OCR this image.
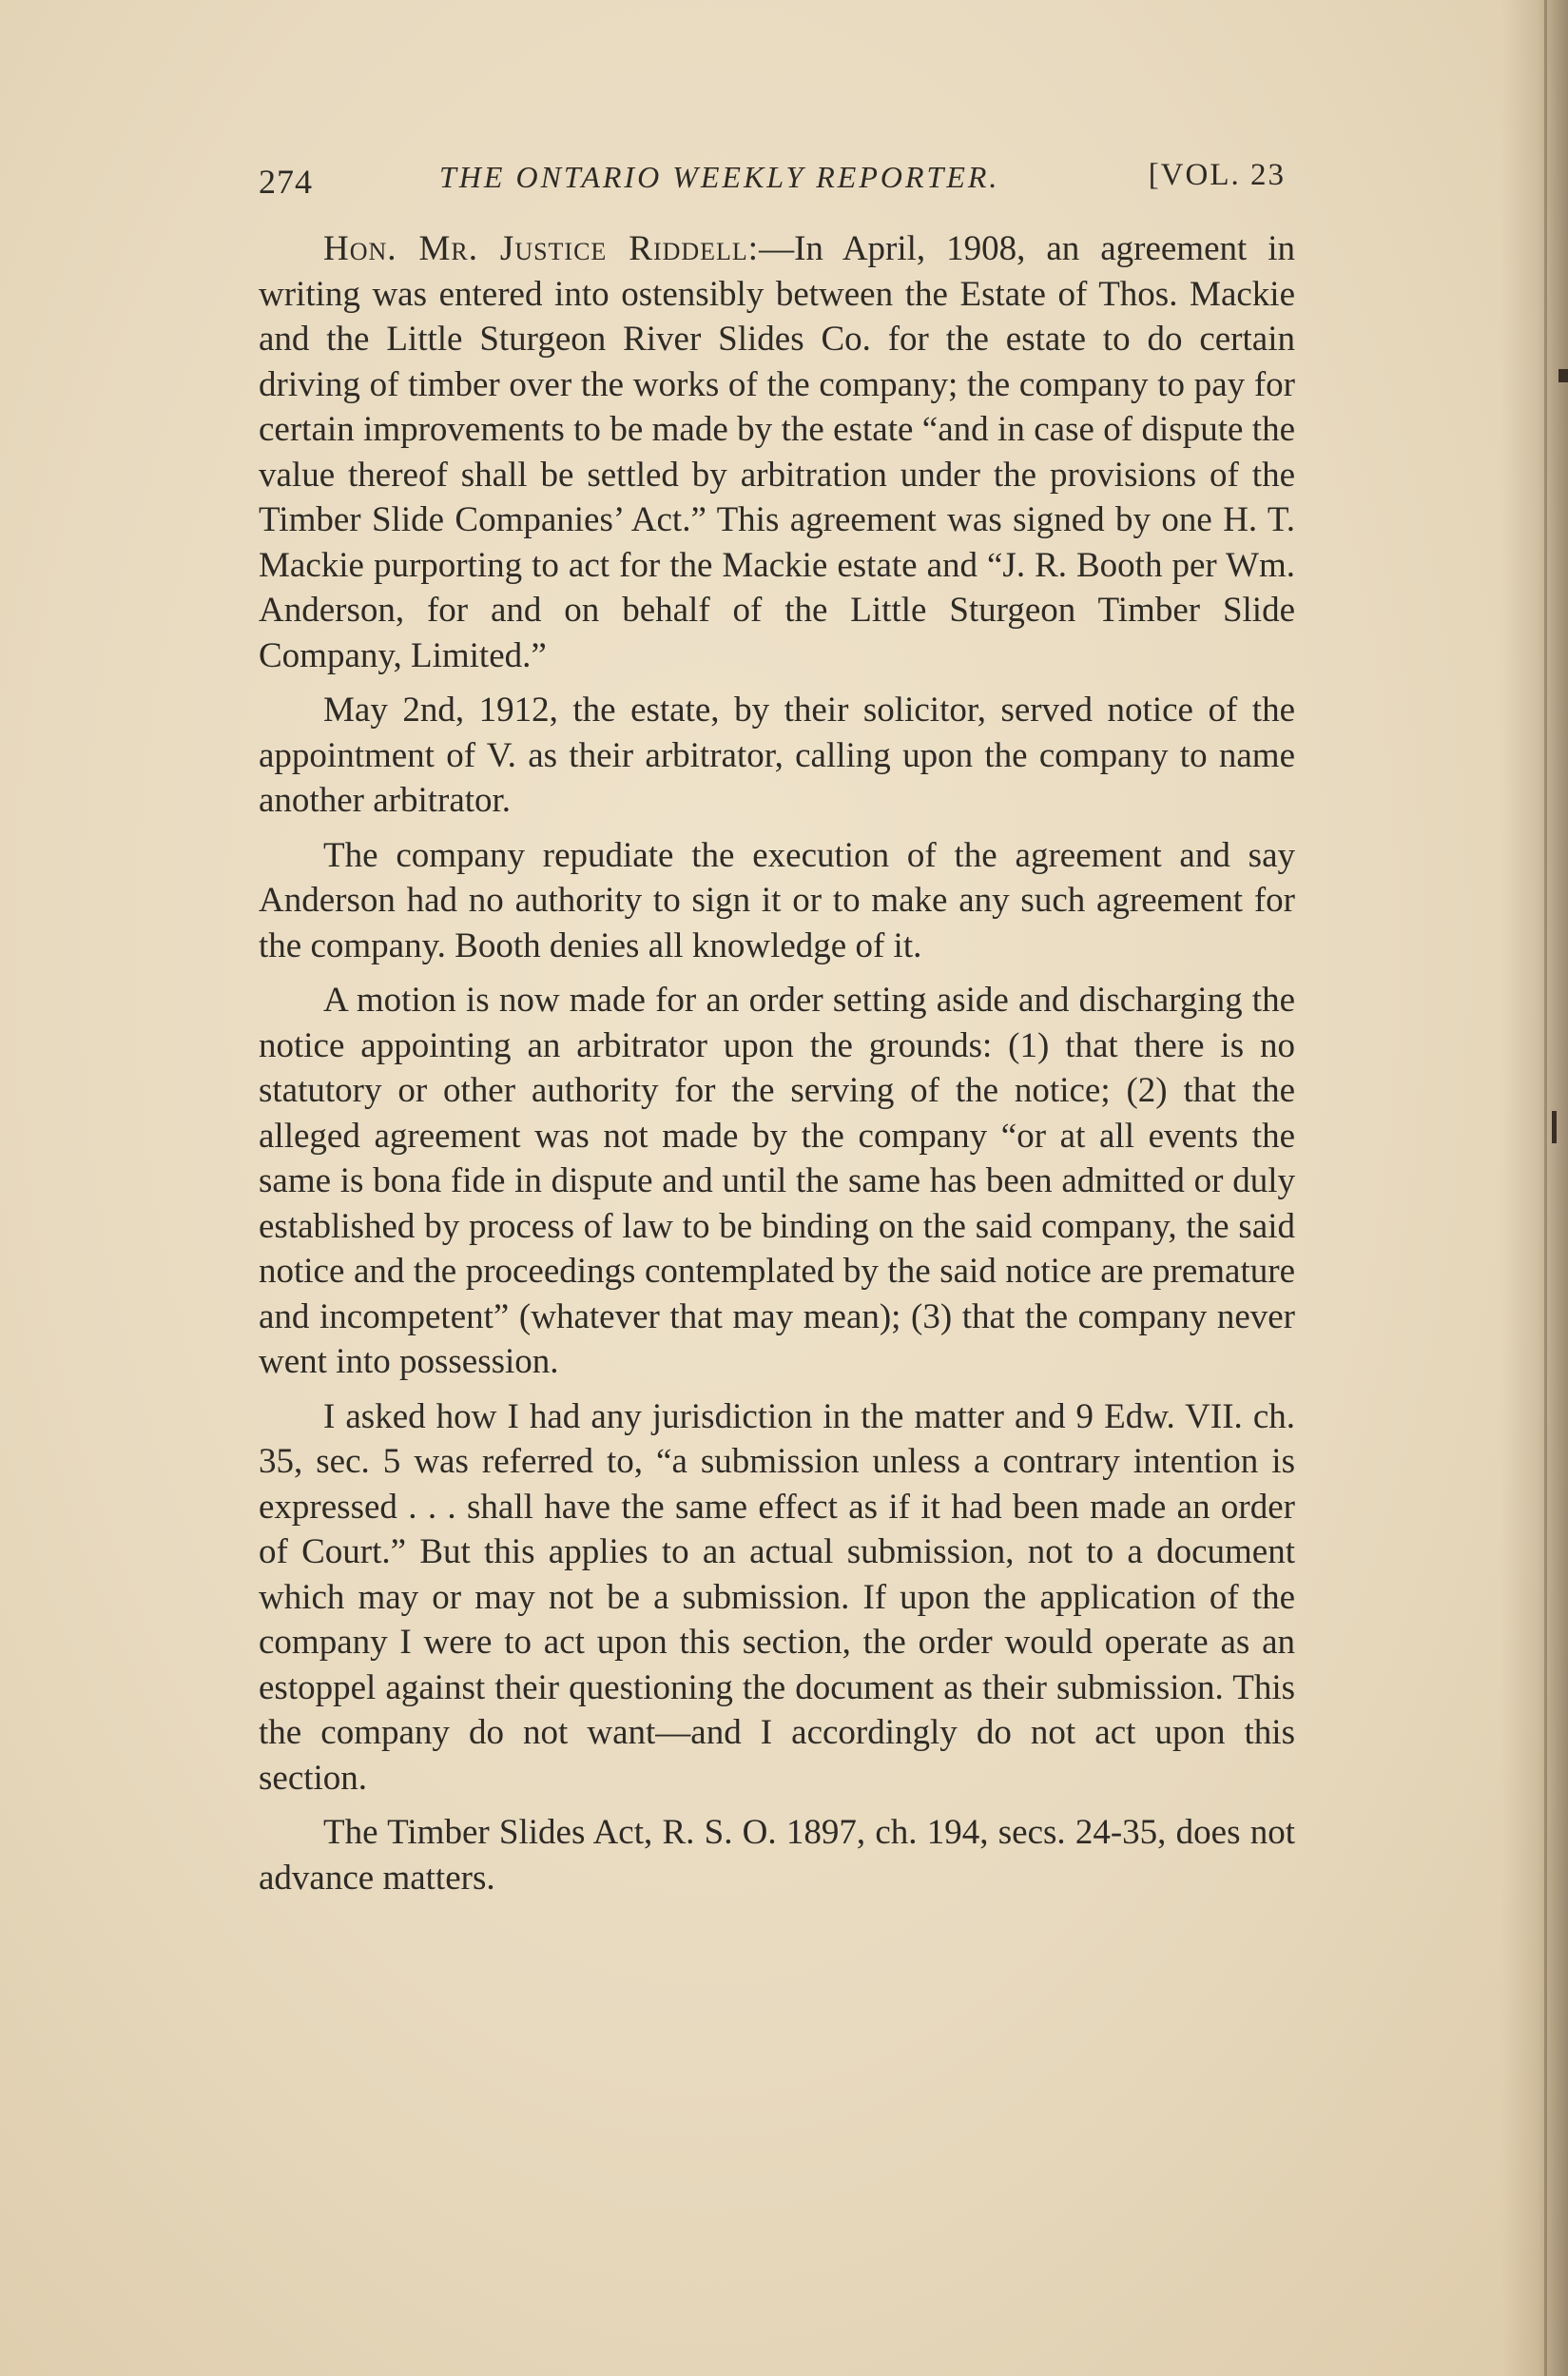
274	THE ONTARIO WEEKLY REPORTER.	[VOL. 23

Hon. Mr. Justice Riddell:—In April, 1908, an agreement in writing was entered into ostensibly between the Estate of Thos. Mackie and the Little Sturgeon River Slides Co. for the estate to do certain driving of timber over the works of the company; the company to pay for certain improvements to be made by the estate “and in case of dispute the value thereof shall be settled by arbitration under the provisions of the Timber Slide Companies’ Act.” This agreement was signed by one H. T. Mackie purporting to act for the Mackie estate and “J. R. Booth per Wm. Anderson, for and on behalf of the Little Sturgeon Timber Slide Company, Limited.”

May 2nd, 1912, the estate, by their solicitor, served notice of the appointment of V. as their arbitrator, calling upon the company to name another arbitrator.

The company repudiate the execution of the agreement and say Anderson had no authority to sign it or to make any such agreement for the company. Booth denies all knowledge of it.

A motion is now made for an order setting aside and discharging the notice appointing an arbitrator upon the grounds: (1) that there is no statutory or other authority for the serving of the notice; (2) that the alleged agreement was not made by the company “or at all events the same is bona fide in dispute and until the same has been admitted or duly established by process of law to be binding on the said company, the said notice and the proceedings contemplated by the said notice are premature and incompetent” (whatever that may mean); (3) that the company never went into possession.

I asked how I had any jurisdiction in the matter and 9 Edw. VII. ch. 35, sec. 5 was referred to, “a submission unless a contrary intention is expressed . . . shall have the same effect as if it had been made an order of Court.” But this applies to an actual submission, not to a document which may or may not be a submission. If upon the application of the company I were to act upon this section, the order would operate as an estoppel against their questioning the document as their submission. This the company do not want—and I accordingly do not act upon this section.

The Timber Slides Act, R. S. O. 1897, ch. 194, secs. 24-35, does not advance matters.
